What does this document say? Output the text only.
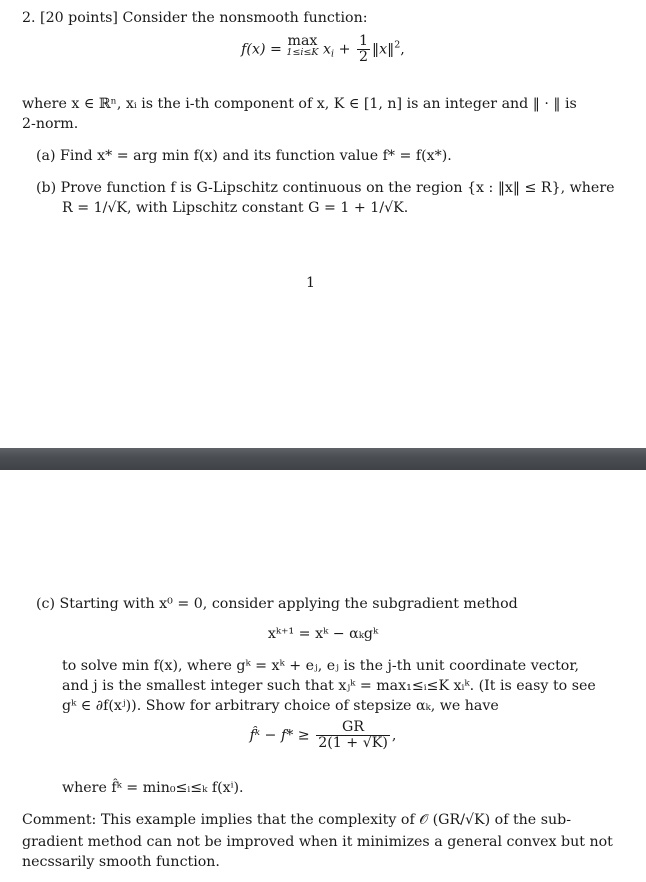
2. [20 points] Consider the nonsmooth function:
f(x) = max
1≤i≤K $x_i + \frac{1}{2}$ ‖x‖$^2$,
where x ∈ ℝⁿ, xᵢ is the i-th component of x, K ∈ [1, n] is an integer and ‖ · ‖ is
2-norm.
(a) Find x* = arg min f(x) and its function value f* = f(x*).
(b) Prove function f is G-Lipschitz continuous on the region {x : ‖x‖ ≤ R}, where
R = 1/√K, with Lipschitz constant G = 1 + 1/√K.
1
(c) Starting with x⁰ = 0, consider applying the subgradient method
xᵏ⁺¹ = xᵏ − αₖgᵏ
to solve min f(x), where gᵏ = xᵏ + eⱼ, eⱼ is the j-th unit coordinate vector,
and j is the smallest integer such that xⱼᵏ = max₁≤ᵢ≤K xᵢᵏ. (It is easy to see
gᵏ ∈ ∂f(xʲ)). Show for arbitrary choice of stepsize αₖ, we have
f̂ᵏ − $f* \ge \frac{GR}{2(1 + √K)}$ ,
where f̂ᵏ = min₀≤ᵢ≤ₖ f(xⁱ).
Comment: This example implies that the complexity of 𝒪 (GR/√K) of the sub-
gradient method can not be improved when it minimizes a general convex but not
necssarily smooth function.
